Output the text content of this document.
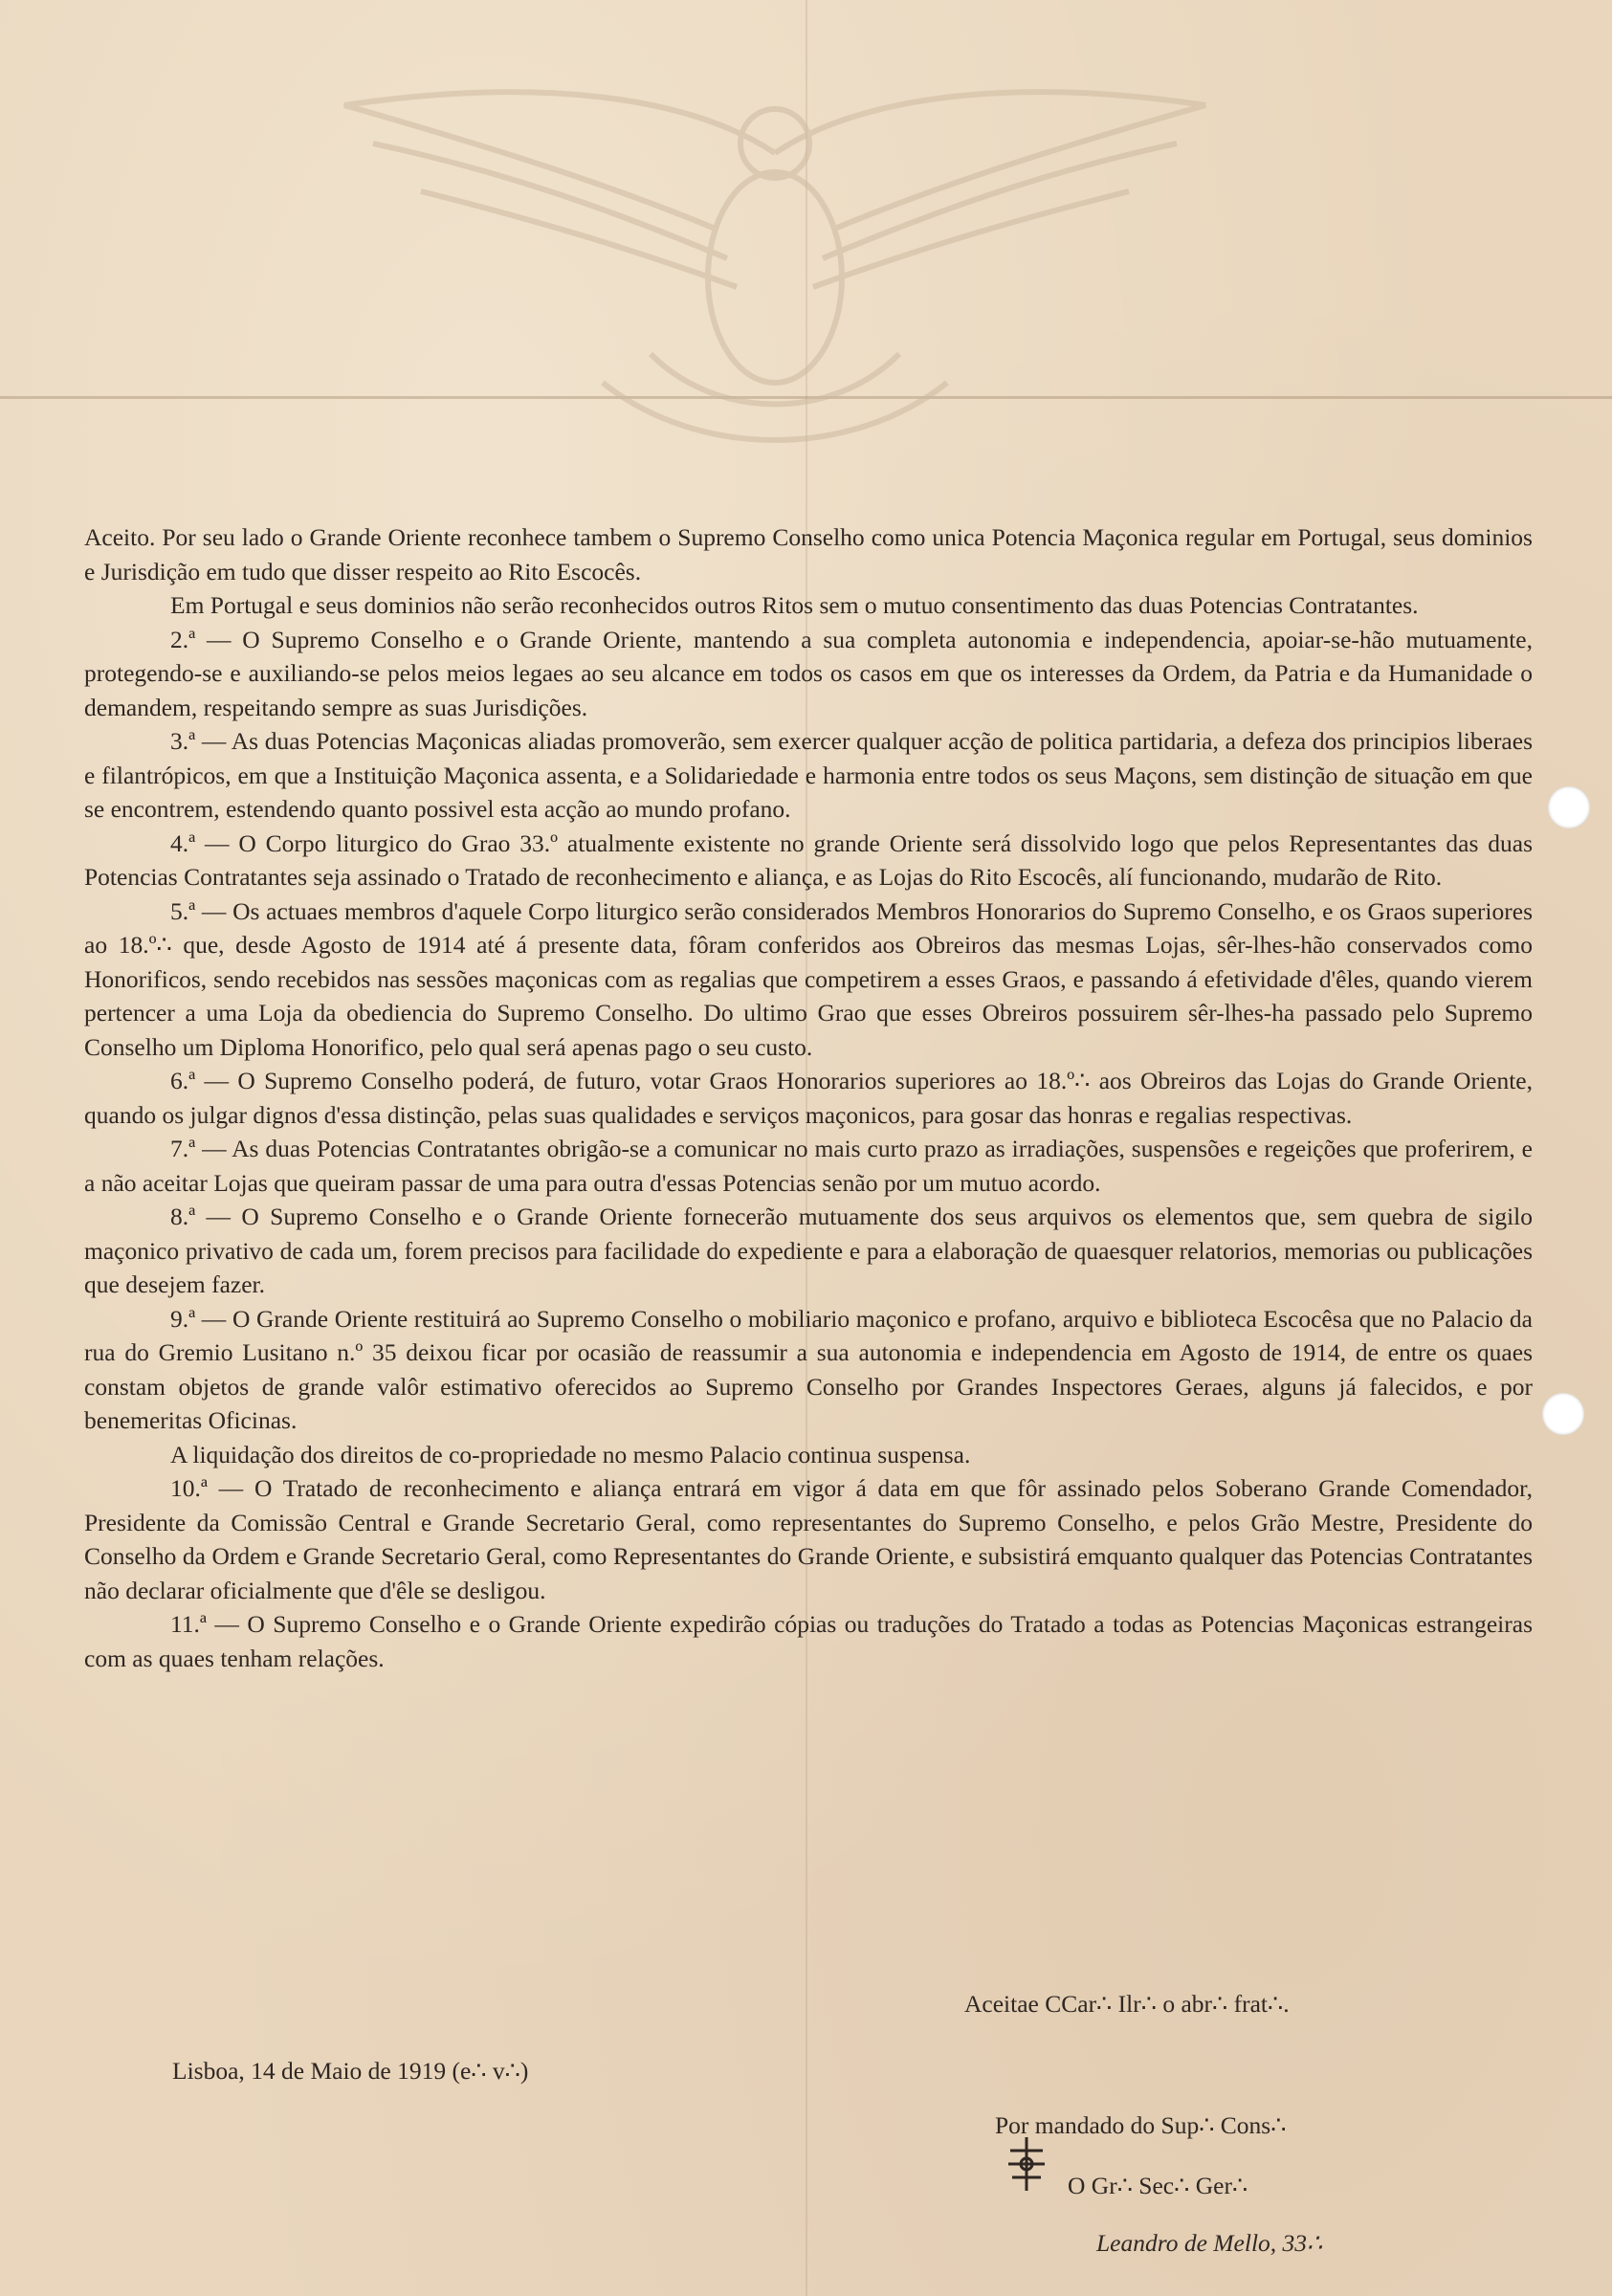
Aceito. Por seu lado o Grande Oriente reconhece tambem o Supremo Conselho como unica Potencia Maçonica regular em Portugal, seus dominios e Jurisdição em tudo que disser respeito ao Rito Escocês.

Em Portugal e seus dominios não serão reconhecidos outros Ritos sem o mutuo consentimento das duas Potencias Contratantes.

2.ª — O Supremo Conselho e o Grande Oriente, mantendo a sua completa autonomia e independencia, apoiar-se-hão mutuamente, protegendo-se e auxiliando-se pelos meios legaes ao seu alcance em todos os casos em que os interesses da Ordem, da Patria e da Humanidade o demandem, respeitando sempre as suas Jurisdições.

3.ª — As duas Potencias Maçonicas aliadas promoverão, sem exercer qualquer acção de politica partidaria, a defeza dos principios liberaes e filantrópicos, em que a Instituição Maçonica assenta, e a Solidariedade e harmonia entre todos os seus Maçons, sem distinção de situação em que se encontrem, estendendo quanto possivel esta acção ao mundo profano.

4.ª — O Corpo liturgico do Grao 33.º atualmente existente no grande Oriente será dissolvido logo que pelos Representantes das duas Potencias Contratantes seja assinado o Tratado de reconhecimento e aliança, e as Lojas do Rito Escocês, alí funcionando, mudarão de Rito.

5.ª — Os actuaes membros d'aquele Corpo liturgico serão considerados Membros Honorarios do Supremo Conselho, e os Graos superiores ao 18.º∴ que, desde Agosto de 1914 até á presente data, fôram conferidos aos Obreiros das mesmas Lojas, sêr-lhes-hão conservados como Honorificos, sendo recebidos nas sessões maçonicas com as regalias que competirem a esses Graos, e passando á efetividade d'êles, quando vierem pertencer a uma Loja da obediencia do Supremo Conselho. Do ultimo Grao que esses Obreiros possuirem sêr-lhes-ha passado pelo Supremo Conselho um Diploma Honorifico, pelo qual será apenas pago o seu custo.

6.ª — O Supremo Conselho poderá, de futuro, votar Graos Honorarios superiores ao 18.º∴ aos Obreiros das Lojas do Grande Oriente, quando os julgar dignos d'essa distinção, pelas suas qualidades e serviços maçonicos, para gosar das honras e regalias respectivas.

7.ª — As duas Potencias Contratantes obrigão-se a comunicar no mais curto prazo as irradiações, suspensões e regeições que proferirem, e a não aceitar Lojas que queiram passar de uma para outra d'essas Potencias senão por um mutuo acordo.

8.ª — O Supremo Conselho e o Grande Oriente fornecerão mutuamente dos seus arquivos os elementos que, sem quebra de sigilo maçonico privativo de cada um, forem precisos para facilidade do expediente e para a elaboração de quaesquer relatorios, memorias ou publicações que desejem fazer.

9.ª — O Grande Oriente restituirá ao Supremo Conselho o mobiliario maçonico e profano, arquivo e biblioteca Escocêsa que no Palacio da rua do Gremio Lusitano n.º 35 deixou ficar por ocasião de reassumir a sua autonomia e independencia em Agosto de 1914, de entre os quaes constam objetos de grande valôr estimativo oferecidos ao Supremo Conselho por Grandes Inspectores Geraes, alguns já falecidos, e por benemeritas Oficinas.

A liquidação dos direitos de co-propriedade no mesmo Palacio continua suspensa.

10.ª — O Tratado de reconhecimento e aliança entrará em vigor á data em que fôr assinado pelos Soberano Grande Comendador, Presidente da Comissão Central e Grande Secretario Geral, como representantes do Supremo Conselho, e pelos Grão Mestre, Presidente do Conselho da Ordem e Grande Secretario Geral, como Representantes do Grande Oriente, e subsistirá emquanto qualquer das Potencias Contratantes não declarar oficialmente que d'êle se desligou.

11.ª — O Supremo Conselho e o Grande Oriente expedirão cópias ou traduções do Tratado a todas as Potencias Maçonicas estrangeiras com as quaes tenham relações.

Aceitae CCar∴ Ilr∴ o abr∴ frat∴.
Lisboa, 14 de Maio de 1919 (e∴ v∴)
Por mandado do Sup∴ Cons∴
O Gr∴ Sec∴ Ger∴
Leandro de Mello, 33∴
